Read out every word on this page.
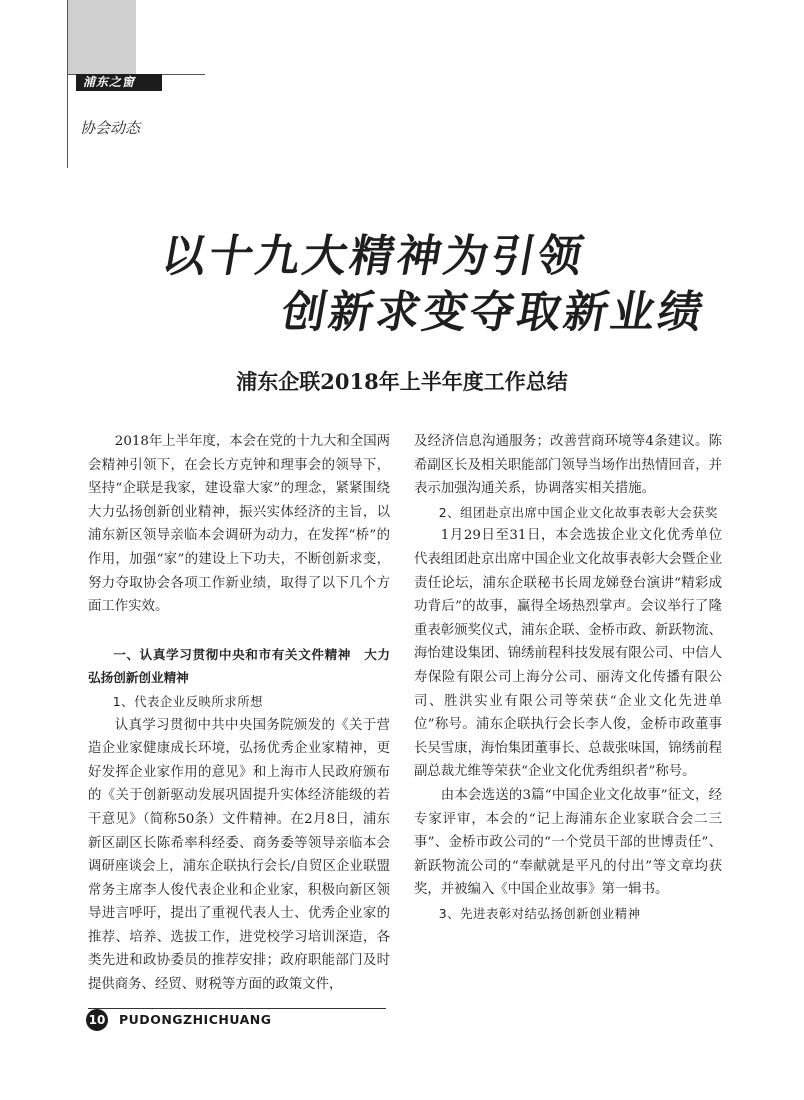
浦东之窗
协会动态
以十九大精神为引领
创新求变夺取新业绩
浦东企联2018年上半年度工作总结

2018年上半年度，本会在党的十九大和全国两会精神引领下，在会长方克钟和理事会的领导下，坚持“企联是我家，建设靠大家”的理念，紧紧围绕大力弘扬创新创业精神，振兴实体经济的主旨，以浦东新区领导亲临本会调研为动力，在发挥“桥”的作用，加强“家”的建设上下功夫，不断创新求变，努力夺取协会各项工作新业绩，取得了以下几个方面工作实效。

一、认真学习贯彻中央和市有关文件精神　大力弘扬创新创业精神

1、代表企业反映所求所想

认真学习贯彻中共中央国务院颁发的《关于营造企业家健康成长环境，弘扬优秀企业家精神，更好发挥企业家作用的意见》和上海市人民政府颁布的《关于创新驱动发展巩固提升实体经济能级的若干意见》（简称50条）文件精神。在2月8日，浦东新区副区长陈希率科经委、商务委等领导亲临本会调研座谈会上，浦东企联执行会长/自贸区企业联盟常务主席李人俊代表企业和企业家，积极向新区领导进言呼吁，提出了重视代表人士、优秀企业家的推荐、培养、选拔工作，进党校学习培训深造，各类先进和政协委员的推荐安排；政府职能部门及时提供商务、经贸、财税等方面的政策文件，

及经济信息沟通服务；改善营商环境等4条建议。陈希副区长及相关职能部门领导当场作出热情回音，并表示加强沟通关系，协调落实相关措施。

2、组团赴京出席中国企业文化故事表彰大会获奖

1月29日至31日，本会选拔企业文化优秀单位代表组团赴京出席中国企业文化故事表彰大会暨企业责任论坛，浦东企联秘书长周龙娣登台演讲“精彩成功背后”的故事，赢得全场热烈掌声。会议举行了隆重表彰颁奖仪式，浦东企联、金桥市政、新跃物流、海怡建设集团、锦绣前程科技发展有限公司、中信人寿保险有限公司上海分公司、丽涛文化传播有限公司、胜洪实业有限公司等荣获“企业文化先进单位”称号。浦东企联执行会长李人俊，金桥市政董事长吴雪康，海怡集团董事长、总裁张味国，锦绣前程副总裁尤维等荣获“企业文化优秀组织者”称号。

由本会选送的3篇“中国企业文化故事”征文，经专家评审，本会的“记上海浦东企业家联合会二三事”、金桥市政公司的“一个党员干部的世博责任”、新跃物流公司的“奉献就是平凡的付出”等文章均获奖，并被编入《中国企业故事》第一辑书。

3、先进表彰对结弘扬创新创业精神

10 PUDONGZHICHUANG
